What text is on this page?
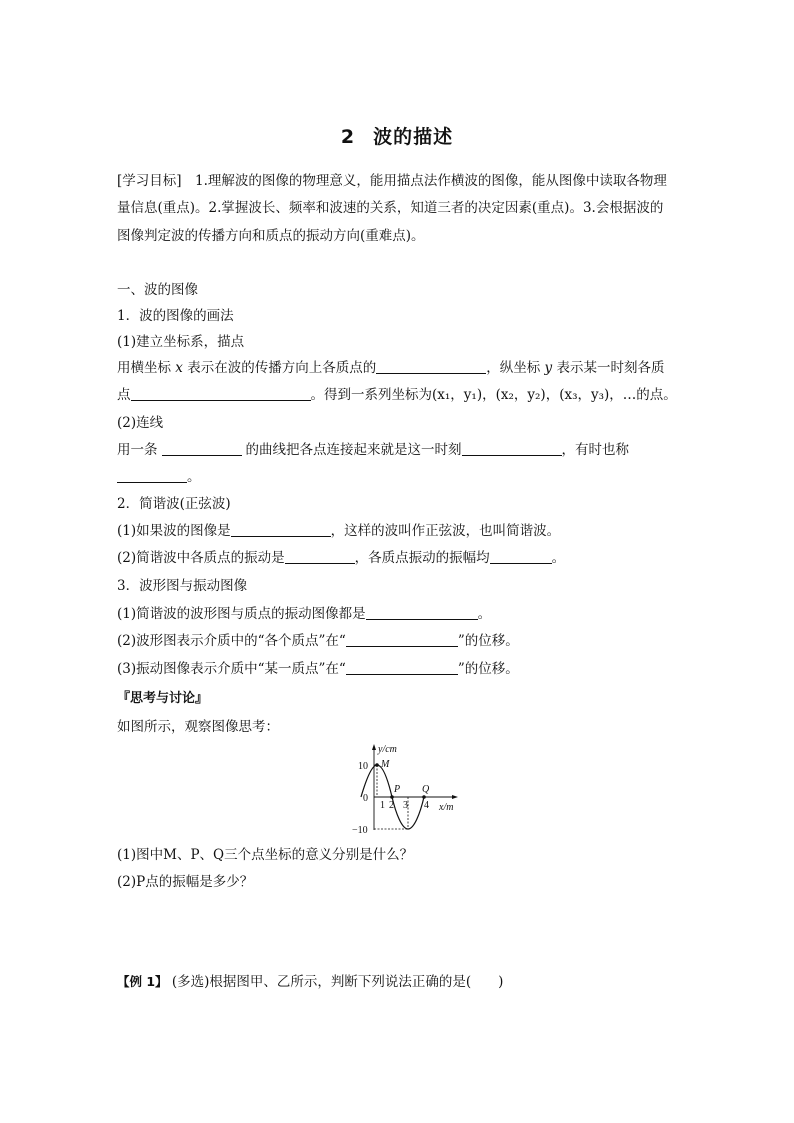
2 波的描述
[学习目标]　1.理解波的图像的物理意义，能用描点法作横波的图像，能从图像中读取各物理
量信息(重点)。2.掌握波长、频率和波速的关系，知道三者的决定因素(重点)。3.会根据波的
图像判定波的传播方向和质点的振动方向(重难点)。
一、波的图像
1．波的图像的画法
(1)建立坐标系，描点
用横坐标 x 表示在波的传播方向上各质点的	，纵坐标 y 表示某一时刻各质
点	。得到一系列坐标为(x₁，y₁)，(x₂，y₂)，(x₃，y₃)，…的点。
(2)连线
用一条	的曲线把各点连接起来就是这一时刻	，有时也称
。
2．简谐波(正弦波)
(1)如果波的图像是	，这样的波叫作正弦波，也叫简谐波。
(2)简谐波中各质点的振动是	，各质点振动的振幅均	。
3．波形图与振动图像
(1)简谐波的波形图与质点的振动图像都是	。
(2)波形图表示介质中的“各个质点”在“	”的位移。
(3)振动图像表示介质中“某一质点”在“	”的位移。
『思考与讨论』
如图所示，观察图像思考：
y/cm
x/m
10
0
−10
1 2 3 4
M
P Q
(1)图中M、P、Q三个点坐标的意义分别是什么？
(2)P点的振幅是多少？
【例 1】 (多选)根据图甲、乙所示，判断下列说法正确的是(　　)
